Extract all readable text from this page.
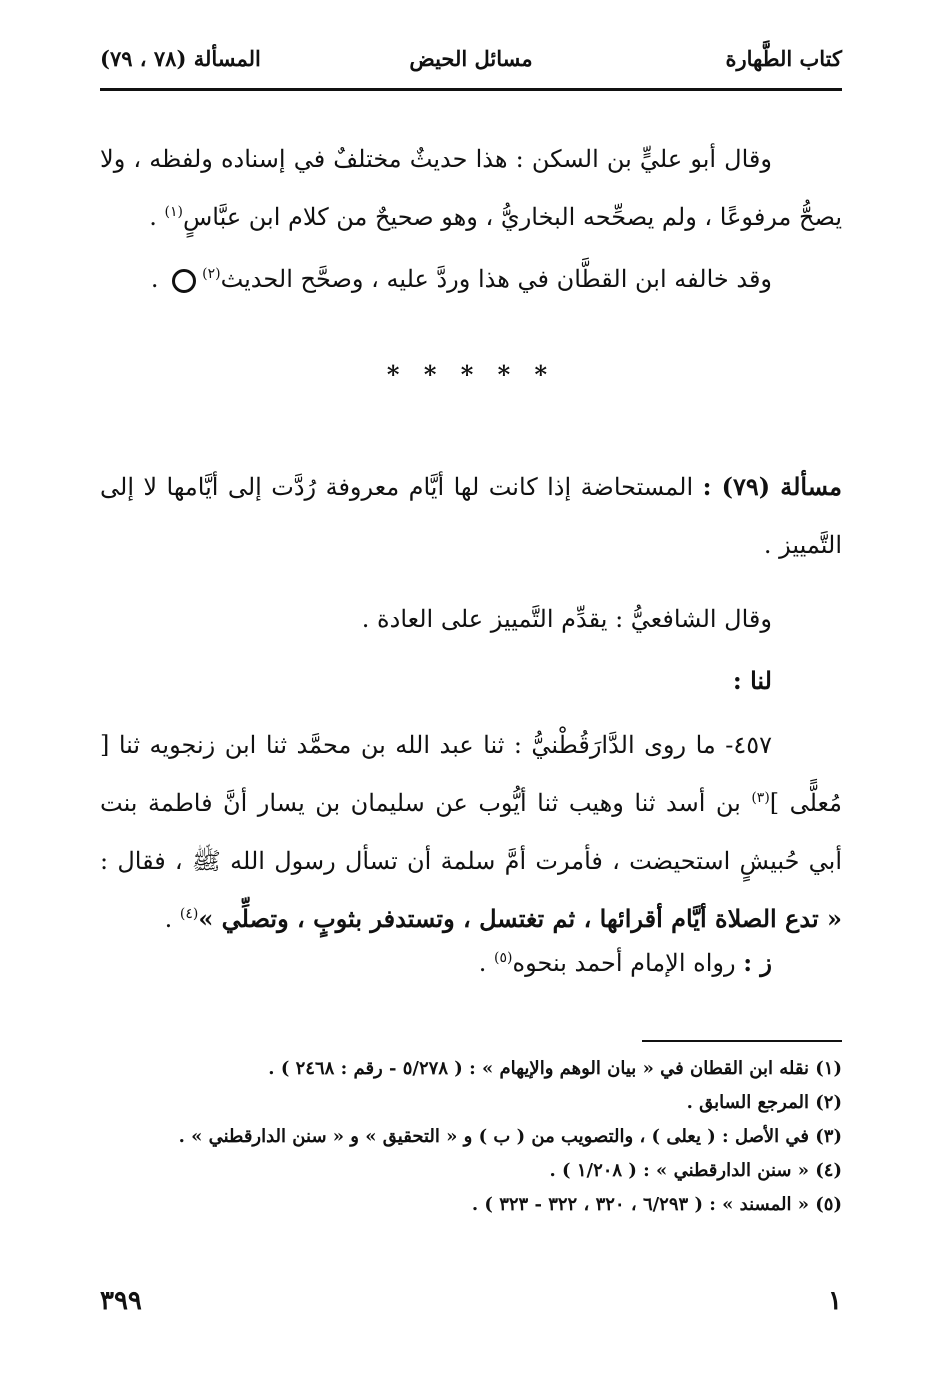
كتاب الطَّهارة
مسائل الحيض
المسألة (٧٨ ، ٧٩)

وقال أبو عليٍّ بن السكن : هذا حديثٌ مختلفٌ في إسناده ولفظه ، ولا يصحُّ مرفوعًا ، ولم يصحِّحه البخاريُّ ، وهو صحيحٌ من كلام ابن عبَّاسٍ$^{(١)}$ .

وقد خالفه ابن القطَّان في هذا وردَّ عليه ، وصحَّح الحديث$^{(٢)}$ .

* * * * *

مسألة (٧٩) : المستحاضة إذا كانت لها أيَّام معروفة رُدَّت إلى أيَّامها لا إلى التَّمييز .

وقال الشافعيُّ : يقدِّم التَّمييز على العادة .

لنا :

٤٥٧- ما روى الدَّارَقُطْنيُّ : ثنا عبد الله بن محمَّد ثنا ابن زنجويه ثنا [ مُعلًّى ]$^{(٣)}$ بن أسد ثنا وهيب ثنا أيُّوب عن سليمان بن يسار أنَّ فاطمة بنت أبي حُبيشٍ استحيضت ، فأمرت أمَّ سلمة أن تسأل رسول الله ﷺ ، فقال : « تدع الصلاة أيَّام أقرائها ، ثم تغتسل ، وتستدفر بثوبٍ ، وتصلِّي »$^{(٤)}$ .

ز : رواه الإمام أحمد بنحوه$^{(٥)}$ .

(١) نقله ابن القطان في « بيان الوهم والإيهام » : ( ٥/٢٧٨ - رقم : ٢٤٦٨ ) .
(٢) المرجع السابق .
(٣) في الأصل : ( يعلى ) ، والتصويب من ( ب ) و « التحقيق » و « سنن الدارقطني » .
(٤) « سنن الدارقطني » : ( ١/٢٠٨ ) .
(٥) « المسند » : ( ٦/٢٩٣ ، ٣٢٠ ، ٣٢٢ - ٣٢٣ ) .
٣٩٩	١
